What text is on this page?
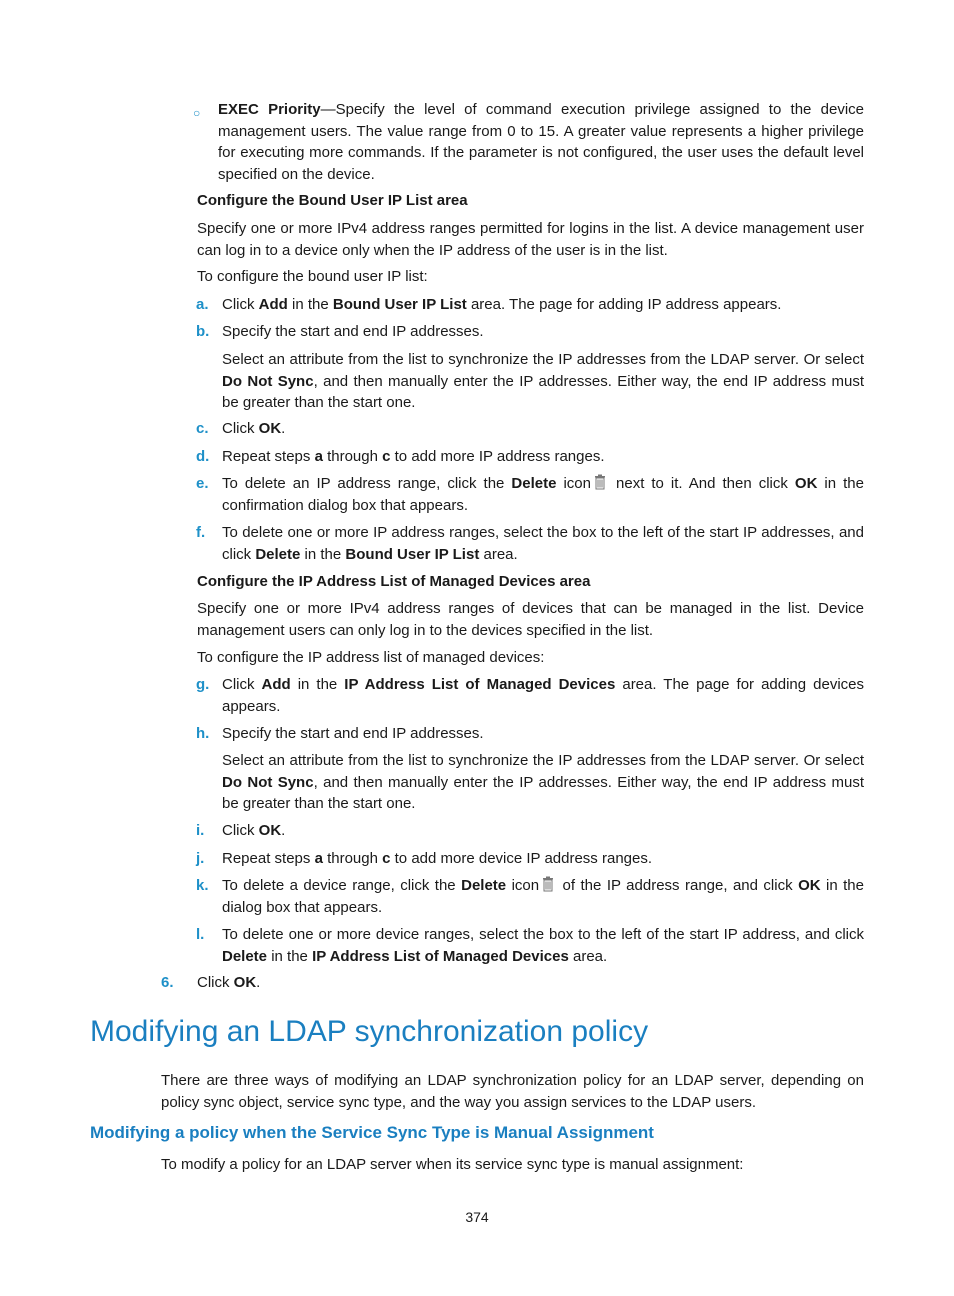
○ EXEC Priority—Specify the level of command execution privilege assigned to the device management users. The value range from 0 to 15. A greater value represents a higher privilege for executing more commands. If the parameter is not configured, the user uses the default level specified on the device.
Configure the Bound User IP List area
Specify one or more IPv4 address ranges permitted for logins in the list. A device management user can log in to a device only when the IP address of the user is in the list.
To configure the bound user IP list:
a. Click Add in the Bound User IP List area. The page for adding IP address appears.
b. Specify the start and end IP addresses.
Select an attribute from the list to synchronize the IP addresses from the LDAP server. Or select Do Not Sync, and then manually enter the IP addresses. Either way, the end IP address must be greater than the start one.
c. Click OK.
d. Repeat steps a through c to add more IP address ranges.
e. To delete an IP address range, click the Delete icon next to it. And then click OK in the confirmation dialog box that appears.
f. To delete one or more IP address ranges, select the box to the left of the start IP addresses, and click Delete in the Bound User IP List area.
Configure the IP Address List of Managed Devices area
Specify one or more IPv4 address ranges of devices that can be managed in the list. Device management users can only log in to the devices specified in the list.
To configure the IP address list of managed devices:
g. Click Add in the IP Address List of Managed Devices area. The page for adding devices appears.
h. Specify the start and end IP addresses.
Select an attribute from the list to synchronize the IP addresses from the LDAP server. Or select Do Not Sync, and then manually enter the IP addresses. Either way, the end IP address must be greater than the start one.
i. Click OK.
j. Repeat steps a through c to add more device IP address ranges.
k. To delete a device range, click the Delete icon of the IP address range, and click OK in the dialog box that appears.
l. To delete one or more device ranges, select the box to the left of the start IP address, and click Delete in the IP Address List of Managed Devices area.
6. Click OK.
Modifying an LDAP synchronization policy
There are three ways of modifying an LDAP synchronization policy for an LDAP server, depending on policy sync object, service sync type, and the way you assign services to the LDAP users.
Modifying a policy when the Service Sync Type is Manual Assignment
To modify a policy for an LDAP server when its service sync type is manual assignment:
374
